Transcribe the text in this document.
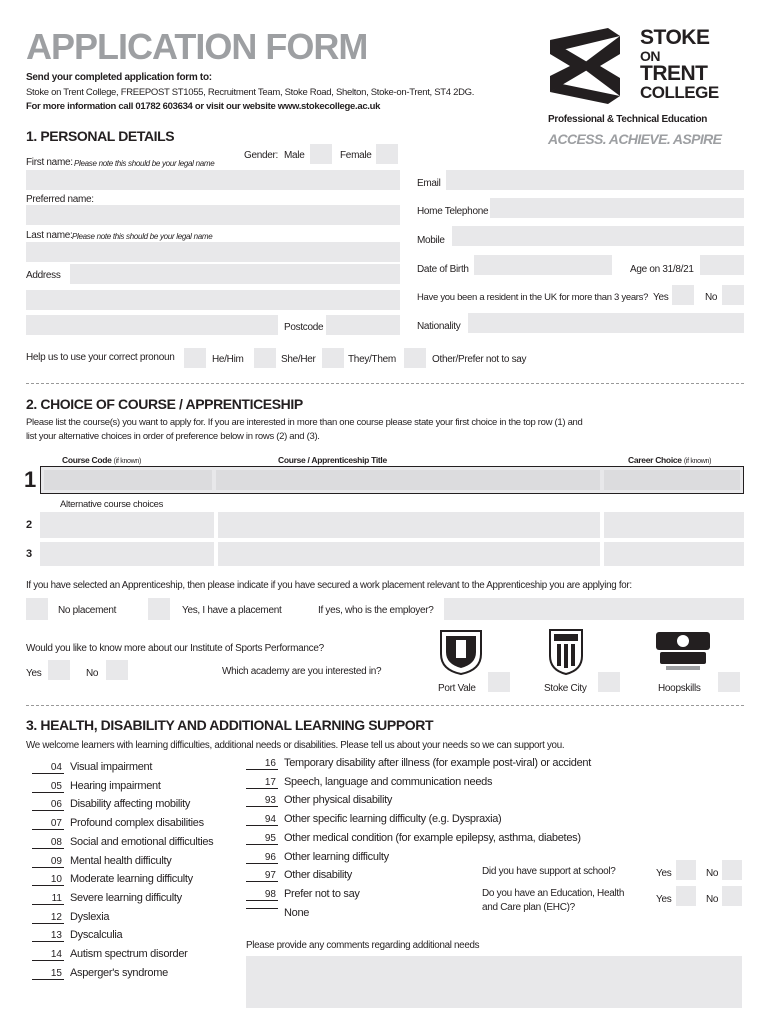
APPLICATION FORM
Send your completed application form to:
Stoke on Trent College, FREEPOST ST1055, Recruitment Team, Stoke Road, Shelton, Stoke-on-Trent, ST4 2DG.
For more information call 01782 603634 or visit our website www.stokecollege.ac.uk
STOKE
ON
TRENT
COLLEGE
Professional & Technical Education
ACCESS. ACHIEVE. ASPIRE
1. PERSONAL DETAILS
First name: Please note this should be your legal name
Gender: Male	Female
Preferred name:
Last name: Please note this should be your legal name
Address
Postcode
Help us to use your correct pronoun	He/Him	She/Her	They/Them	Other/Prefer not to say
Email
Home Telephone
Mobile
Date of Birth	Age on 31/8/21
Have you been a resident in the UK for more than 3 years? Yes	No
Nationality
2. CHOICE OF COURSE / APPRENTICESHIP
Please list the course(s) you want to apply for. If you are interested in more than one course please state your first choice in the top row (1) and
list your alternative choices in order of preference below in rows (2) and (3).
Course Code (if known)	Course / Apprenticeship Title	Career Choice (if known)
1
Alternative course choices
2
3
If you have selected an Apprenticeship, then please indicate if you have secured a work placement relevant to the Apprenticeship you are applying for:
No placement	Yes, I have a placement	If yes, who is the employer?
Would you like to know more about our Institute of Sports Performance?
Yes	No	Which academy are you interested in?
Port Vale	Stoke City	Hoopskills
3. HEALTH, DISABILITY AND ADDITIONAL LEARNING SUPPORT
We welcome learners with learning difficulties, additional needs or disabilities. Please tell us about your needs so we can support you.
04 Visual impairment
05 Hearing impairment
06 Disability affecting mobility
07 Profound complex disabilities
08 Social and emotional difficulties
09 Mental health difficulty
10 Moderate learning difficulty
11 Severe learning difficulty
12 Dyslexia
13 Dyscalculia
14 Autism spectrum disorder
15 Asperger's syndrome
16 Temporary disability after illness (for example post-viral) or accident
17 Speech, language and communication needs
93 Other physical disability
94 Other specific learning difficulty (e.g. Dyspraxia)
95 Other medical condition (for example epilepsy, asthma, diabetes)
96 Other learning difficulty
97 Other disability
98 Prefer not to say
None
Did you have support at school?	Yes	No
Do you have an Education, Health
and Care plan (EHC)?
Yes	No
Please provide any comments regarding additional needs
